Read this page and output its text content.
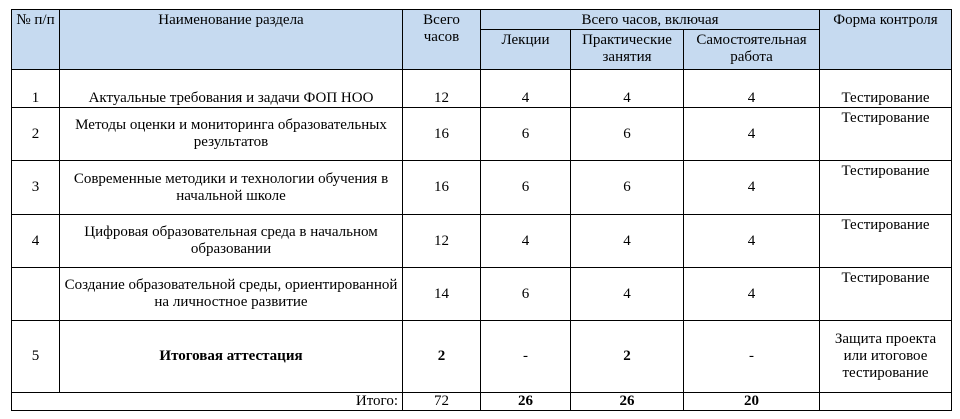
№ п/п	Наименование раздела	Всего часов	Всего часов, включая			Форма контроля
			Лекции	Практические занятия	Самостоятельная работа	
1	Актуальные требования и задачи ФОП НОО	12	4	4	4	Тестирование
2	Методы оценки и мониторинга образовательных результатов	16	6	6	4	Тестирование
3	Современные методики и технологии обучения в начальной школе	16	6	6	4	Тестирование
4	Цифровая образовательная среда в начальном образовании	12	4	4	4	Тестирование
	Создание образовательной среды, ориентированной на личностное развитие	14	6	4	4	Тестирование
5	Итоговая аттестация	2	-	2	-	Защита проекта или итоговое тестирование
Итого:		72	26	26	20	
